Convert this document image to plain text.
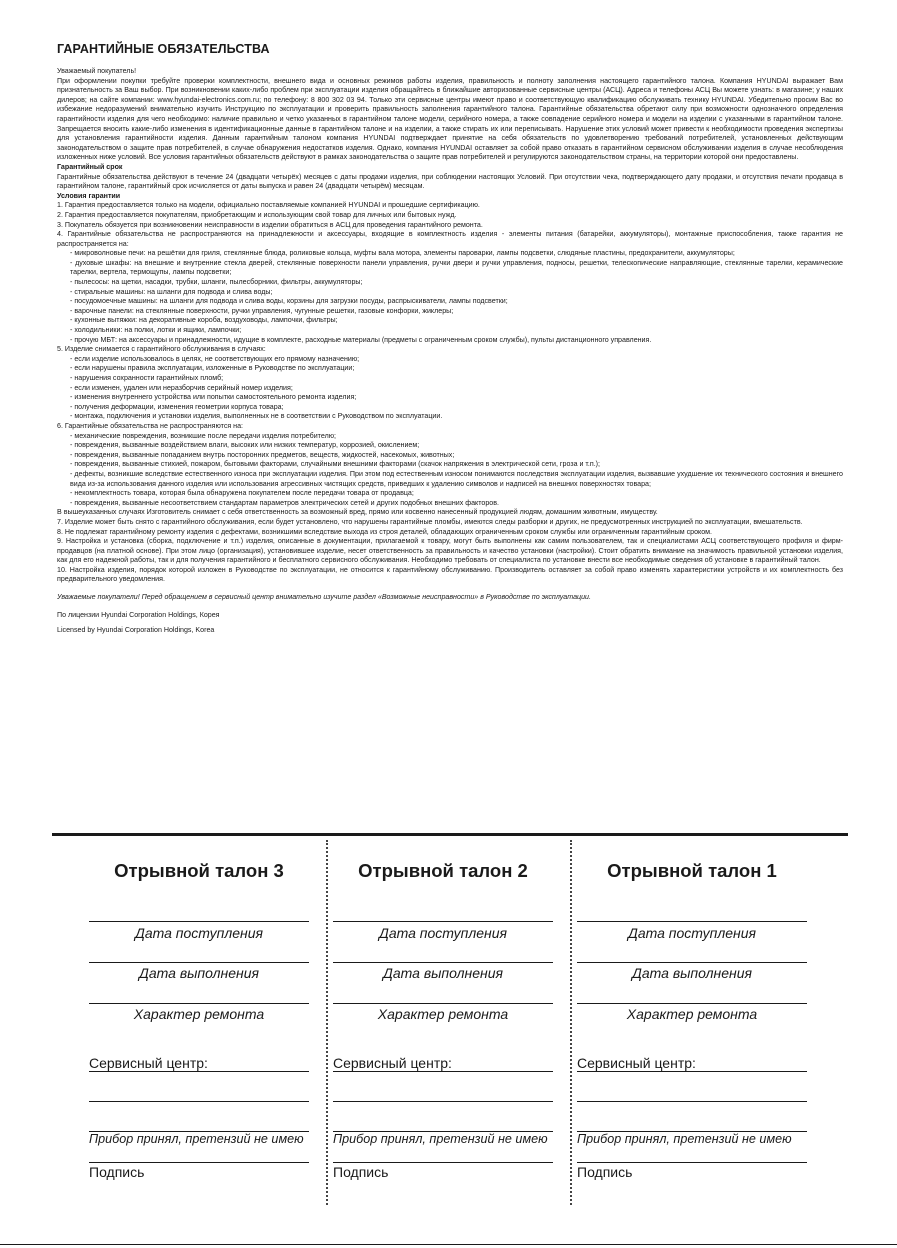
ГАРАНТИЙНЫЕ ОБЯЗАТЕЛЬСТВА

Уважаемый покупатель!

При оформлении покупки требуйте проверки комплектности, внешнего вида и основных режимов работы изделия, правильность и полноту заполнения настоящего гарантийного талона. Компания HYUNDAI выражает Вам признательность за Ваш выбор. При возникновении каких-либо проблем при эксплуатации изделия обращайтесь в ближайшие авторизованные сервисные центры (АСЦ). Адреса и телефоны АСЦ Вы можете узнать: в магазине; у наших дилеров; на сайте компании: www.hyundai-electronics.com.ru; по телефону: 8 800 302 03 94. Только эти сервисные центры имеют право и соответствующую квалификацию обслуживать технику HYUNDAI. Убедительно просим Вас во избежание недоразумений внимательно изучить Инструкцию по эксплуатации и проверить правильность заполнения гарантийного талона. Гарантийные обязательства обретают силу при возможности однозначного определения гарантийности изделия для чего необходимо: наличие правильно и четко указанных в гарантийном талоне модели, серийного номера, а также совпадение серийного номера и модели на изделии с указанными в гарантийном талоне. Запрещается вносить какие-либо изменения в идентификационные данные в гарантийном талоне и на изделии, а также стирать их или переписывать. Нарушение этих условий может привести к необходимости проведения экспертизы для установления гарантийности изделия. Данным гарантийным талоном компания HYUNDAI подтверждает принятие на себя обязательств по удовлетворению требований потребителей, установленных действующим законодательством о защите прав потребителей, в случае обнаружения недостатков изделия. Однако, компания HYUNDAI оставляет за собой право отказать в гарантийном сервисном обслуживании изделия в случае несоблюдения изложенных ниже условий. Все условия гарантийных обязательств действуют в рамках законодательства о защите прав потребителей и регулируются законодательством страны, на территории которой они предоставлены.

Гарантийный срок

Гарантийные обязательства действуют в течение 24 (двадцати четырёх) месяцев с даты продажи изделия, при соблюдении настоящих Условий. При отсутствии чека, подтверждающего дату продажи, и отсутствия печати продавца в гарантийном талоне, гарантийный срок исчисляется от даты выпуска и равен 24 (двадцати четырём) месяцам.

Условия гарантии

1. Гарантия предоставляется только на модели, официально поставляемые компанией HYUNDAI и прошедшие сертификацию.

2. Гарантия предоставляется покупателям, приобретающим и использующим свой товар для личных или бытовых нужд.

3. Покупатель обязуется при возникновении неисправности в изделии обратиться в АСЦ для проведения гарантийного ремонта.

4. Гарантийные обязательства не распространяются на принадлежности и аксессуары, входящие в комплектность изделия - элементы питания (батарейки, аккумуляторы), монтажные приспособления, также гарантия не распространяется на:

- микроволновые печи: на решётки для гриля, стеклянные блюда, роликовые кольца, муфты вала мотора, элементы пароварки, лампы подсветки, слюдяные пластины, предохранители, аккумуляторы;

- духовые шкафы: на внешние и внутренние стекла дверей, стеклянные поверхности панели управления, ручки двери и ручки управления, подносы, решетки, телескопические направляющие, стеклянные тарелки, керамические тарелки, вертела, термощупы, лампы подсветки;

- пылесосы: на щетки, насадки, трубки, шланги, пылесборники, фильтры, аккумуляторы;

- стиральные машины: на шланги для подвода и слива воды;

- посудомоечные машины: на шланги для подвода и слива воды, корзины для загрузки посуды, распрыскиватели, лампы подсветки;

- варочные панели: на стеклянные поверхности, ручки управления, чугунные решетки, газовые конфорки, жиклеры;

- кухонные вытяжки: на декоративные короба, воздуховоды, лампочки, фильтры;

- холодильники: на полки, лотки и ящики, лампочки;

- прочую МБТ: на аксессуары и принадлежности, идущие в комплекте, расходные материалы (предметы с ограниченным сроком службы), пульты дистанционного управления.

5. Изделие снимается с гарантийного обслуживания в случаях:

- если изделие использовалось в целях, не соответствующих его прямому назначению;

- если нарушены правила эксплуатации, изложенные в Руководстве по эксплуатации;

- нарушения сохранности гарантийных пломб;

- если изменен, удален или неразборчив серийный номер изделия;

- изменения внутреннего устройства или попытки самостоятельного ремонта изделия;

- получения деформации, изменения геометрии корпуса товара;

- монтажа, подключения и установки изделия, выполненных не в соответствии с Руководством по эксплуатации.

6. Гарантийные обязательства не распространяются на:

- механические повреждения, возникшие после передачи изделия потребителю;

- повреждения, вызванные воздействием влаги, высоких или низких температур, коррозией, окислением;

- повреждения, вызванные попаданием внутрь посторонних предметов, веществ, жидкостей, насекомых, животных;

- повреждения, вызванные стихией, пожаром, бытовыми факторами, случайными внешними факторами (скачок напряжения в электрической сети, гроза и т.п.);

- дефекты, возникшие вследствие естественного износа при эксплуатации изделия. При этом под естественным износом понимаются последствия эксплуатации изделия, вызвавшие ухудшение их технического состояния и внешнего вида из-за использования данного изделия или использования агрессивных чистящих средств, приведших к удалению символов и надписей на внешних поверхностях товара;

- некомплектность товара, которая была обнаружена покупателем после передачи товара от продавца;

- повреждения, вызванные несоответствием стандартам параметров электрических сетей и других подобных внешних факторов.

В вышеуказанных случаях Изготовитель снимает с себя ответственность за возможный вред, прямо или косвенно нанесенный продукцией людям, домашним животным, имуществу.

7. Изделие может быть снято с гарантийного обслуживания, если будет установлено, что нарушены гарантийные пломбы, имеются следы разборки и других, не предусмотренных инструкцией по эксплуатации, вмешательств.

8. Не подлежат гарантийному ремонту изделия с дефектами, возникшими вследствие выхода из строя деталей, обладающих ограниченным сроком службы или ограниченным гарантийным сроком.

9. Настройка и установка (сборка, подключение и т.п.) изделия, описанные в документации, прилагаемой к товару, могут быть выполнены как самим пользователем, так и специалистами АСЦ соответствующего профиля и фирм-продавцов (на платной основе). При этом лицо (организация), установившее изделие, несет ответственность за правильность и качество установки (настройки). Стоит обратить внимание на значимость правильной установки изделия, как для его надежной работы, так и для получения гарантийного и бесплатного сервисного обслуживания. Необходимо требовать от специалиста по установке внести все необходимые сведения об установке в гарантийный талон.

10. Настройка изделия, порядок которой изложен в Руководстве по эксплуатации, не относится к гарантийному обслуживанию. Производитель оставляет за собой право изменять характеристики устройств и их комплектность без предварительного уведомления.

Уважаемые покупатели! Перед обращением в сервисный центр внимательно изучите раздел «Возможные неисправности» в Руководстве по эксплуатации.

По лицензии Hyundai Corporation Holdings, Корея

Licensed by Hyundai Corporation Holdings, Korea

Отрывной талон 3
Дата поступления
Дата выполнения
Характер ремонта
Сервисный центр:
Прибор принял, претензий не имею
Подпись
Отрывной талон 2
Дата поступления
Дата выполнения
Характер ремонта
Сервисный центр:
Прибор принял, претензий не имею
Подпись
Отрывной талон 1
Дата поступления
Дата выполнения
Характер ремонта
Сервисный центр:
Прибор принял, претензий не имею
Подпись
